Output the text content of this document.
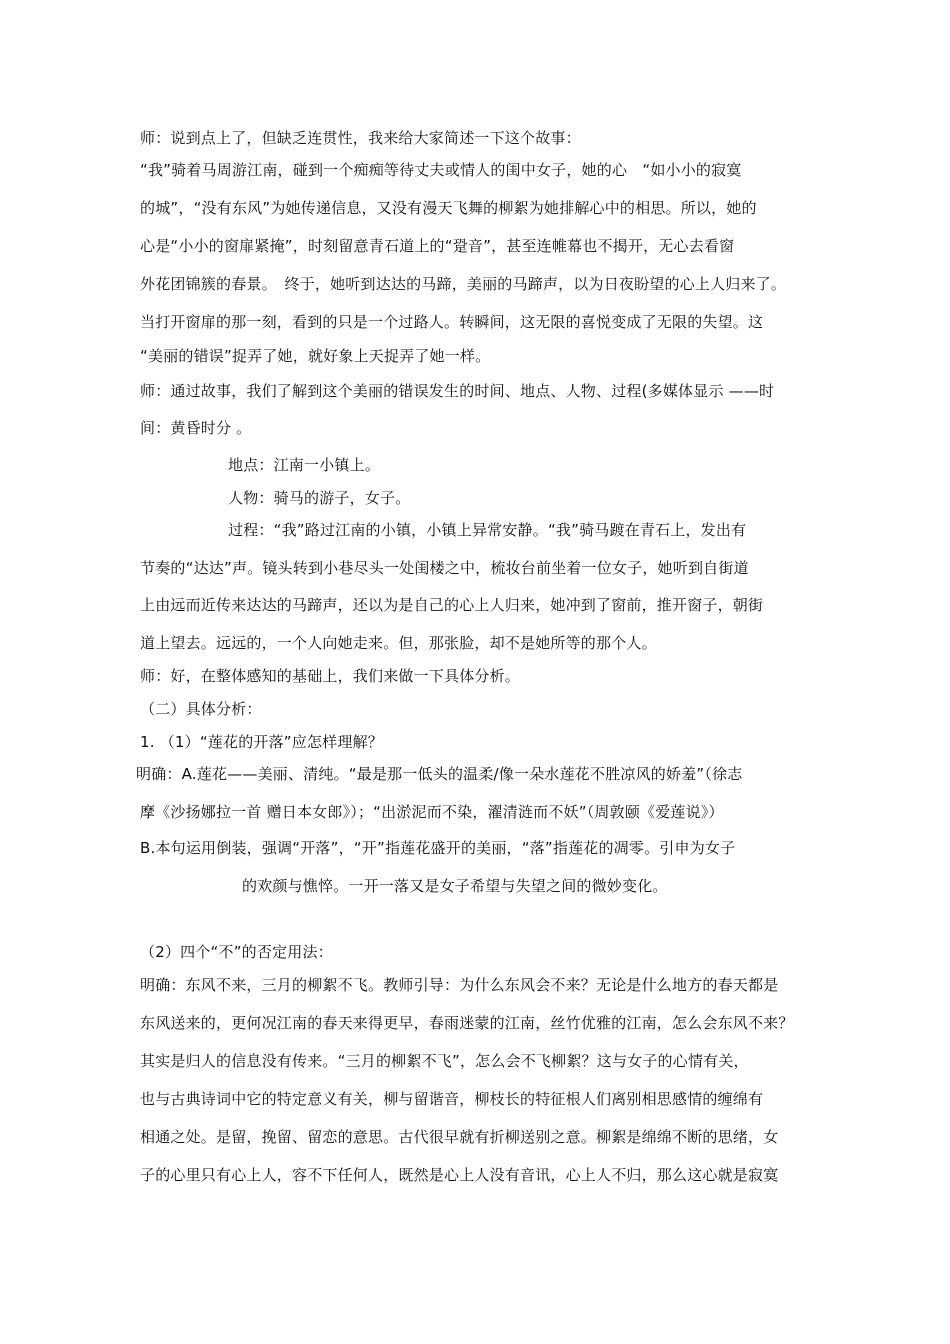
师：说到点上了，但缺乏连贯性，我来给大家简述一下这个故事：
“我”骑着马周游江南，碰到一个痴痴等待丈夫或情人的闺中女子，她的心　“如小小的寂寞
的城”，“没有东风”为她传递信息，又没有漫天飞舞的柳絮为她排解心中的相思。所以，她的
心是“小小的窗扉紧掩”，时刻留意青石道上的“跫音”，甚至连帷幕也不揭开，无心去看窗
外花团锦簇的春景。　终于，她听到达达的马蹄，美丽的马蹄声，以为日夜盼望的心上人归来了。
当打开窗扉的那一刻，看到的只是一个过路人。转瞬间，这无限的喜悦变成了无限的失望。这
“美丽的错误”捉弄了她，就好象上天捉弄了她一样。
师：通过故事，我们了解到这个美丽的错误发生的时间、地点、人物、过程(多媒体显示 ——时
间：黄昏时分 。
地点：江南一小镇上。
人物：骑马的游子，女子。
过程：“我”路过江南的小镇，小镇上异常安静。“我”骑马踱在青石上，发出有
节奏的“达达”声。镜头转到小巷尽头一处闺楼之中，梳妆台前坐着一位女子，她听到自街道
上由远而近传来达达的马蹄声，还以为是自己的心上人归来，她冲到了窗前，推开窗子，朝街
道上望去。远远的，一个人向她走来。但，那张脸，却不是她所等的那个人。
师：好，在整体感知的基础上，我们来做一下具体分析。
（二）具体分析：
1. （1）“莲花的开落”应怎样理解？
明确：A.莲花——美丽、清纯。“最是那一低头的温柔/像一朵水莲花不胜凉风的娇羞”（徐志
摩《沙扬娜拉一首 赠日本女郎》）；“出淤泥而不染，濯清涟而不妖”（周敦颐《爱莲说》）
B.本句运用倒装，强调“开落”，“开”指莲花盛开的美丽，“落”指莲花的凋零。引申为女子
的欢颜与憔悴。一开一落又是女子希望与失望之间的微妙变化。
（2）四个“不”的否定用法：
明确：东风不来，三月的柳絮不飞。教师引导：为什么东风会不来？无论是什么地方的春天都是
东风送来的，更何况江南的春天来得更早，春雨迷蒙的江南，丝竹优雅的江南，怎么会东风不来？
其实是归人的信息没有传来。“三月的柳絮不飞”，怎么会不飞柳絮？这与女子的心情有关，
也与古典诗词中它的特定意义有关，柳与留谐音，柳枝长的特征根人们离别相思感情的缠绵有
相通之处。是留，挽留、留恋的意思。古代很早就有折柳送别之意。柳絮是绵绵不断的思绪，女
子的心里只有心上人，容不下任何人，既然是心上人没有音讯，心上人不归，那么这心就是寂寞
